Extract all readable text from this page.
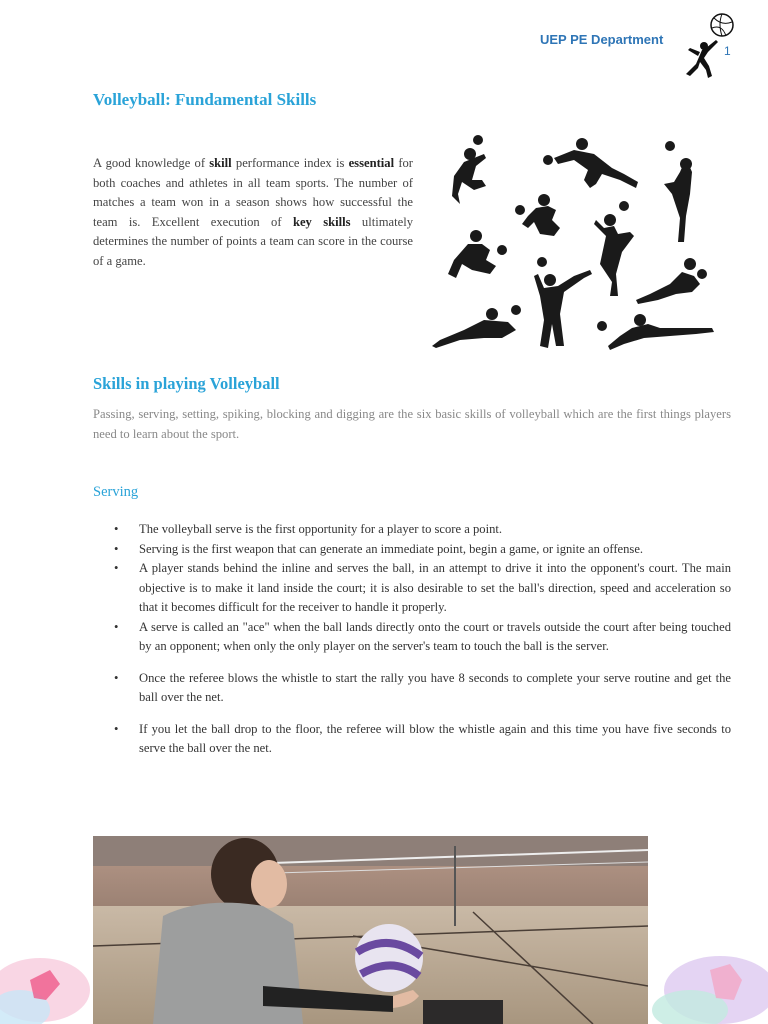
UEP PE Department
1
Volleyball: Fundamental Skills
A good knowledge of skill performance index is essential for both coaches and athletes in all team sports. The number of matches a team won in a season shows how successful the team is. Excellent execution of key skills ultimately determines the number of points a team can score in the course of a game.
Skills in playing Volleyball
Passing, serving, setting, spiking, blocking and digging are the six basic skills of volleyball which are the first things players need to learn about the sport.
Serving
• The volleyball serve is the first opportunity for a player to score a point.
• Serving is the first weapon that can generate an immediate point, begin a game, or ignite an offense.
• A player stands behind the inline and serves the ball, in an attempt to drive it into the opponent's court. The main objective is to make it land inside the court; it is also desirable to set the ball's direction, speed and acceleration so that it becomes difficult for the receiver to handle it properly.
• A serve is called an "ace" when the ball lands directly onto the court or travels outside the court after being touched by an opponent; when only the only player on the server's team to touch the ball is the server.
• Once the referee blows the whistle to start the rally you have 8 seconds to complete your serve routine and get the ball over the net.
• If you let the ball drop to the floor, the referee will blow the whistle again and this time you have five seconds to serve the ball over the net.
